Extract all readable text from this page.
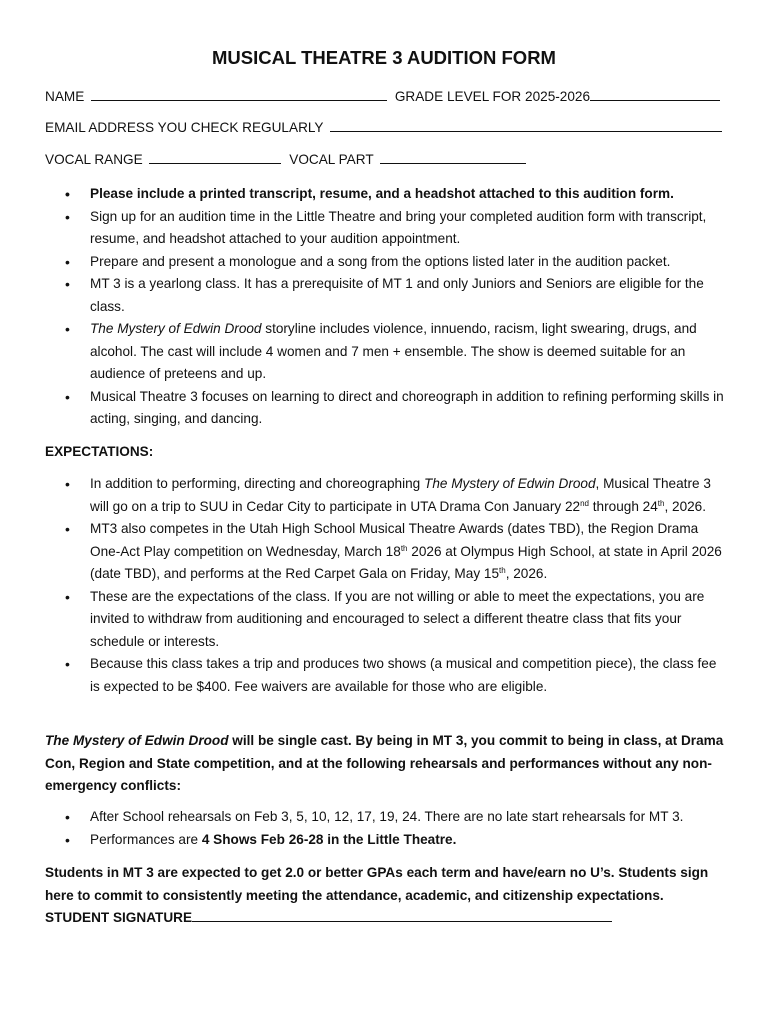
MUSICAL THEATRE 3 AUDITION FORM
NAME	GRADE LEVEL FOR 2025-2026
EMAIL ADDRESS YOU CHECK REGULARLY
VOCAL RANGE	VOCAL PART
• Please include a printed transcript, resume, and a headshot attached to this audition form.
• Sign up for an audition time in the Little Theatre and bring your completed audition form with transcript, resume, and headshot attached to your audition appointment.
• Prepare and present a monologue and a song from the options listed later in the audition packet.
• MT 3 is a yearlong class. It has a prerequisite of MT 1 and only Juniors and Seniors are eligible for the class.
• The Mystery of Edwin Drood storyline includes violence, innuendo, racism, light swearing, drugs, and alcohol. The cast will include 4 women and 7 men + ensemble. The show is deemed suitable for an audience of preteens and up.
• Musical Theatre 3 focuses on learning to direct and choreograph in addition to refining performing skills in acting, singing, and dancing.
EXPECTATIONS:
• In addition to performing, directing and choreographing The Mystery of Edwin Drood, Musical Theatre 3 will go on a trip to SUU in Cedar City to participate in UTA Drama Con January 22nd through 24th, 2026.
• MT3 also competes in the Utah High School Musical Theatre Awards (dates TBD), the Region Drama One-Act Play competition on Wednesday, March 18th 2026 at Olympus High School, at state in April 2026 (date TBD), and performs at the Red Carpet Gala on Friday, May 15th, 2026.
• These are the expectations of the class. If you are not willing or able to meet the expectations, you are invited to withdraw from auditioning and encouraged to select a different theatre class that fits your schedule or interests.
• Because this class takes a trip and produces two shows (a musical and competition piece), the class fee is expected to be $400. Fee waivers are available for those who are eligible.
The Mystery of Edwin Drood will be single cast. By being in MT 3, you commit to being in class, at Drama Con, Region and State competition, and at the following rehearsals and performances without any non-emergency conflicts:
• After School rehearsals on Feb 3, 5, 10, 12, 17, 19, 24. There are no late start rehearsals for MT 3.
• Performances are 4 Shows Feb 26-28 in the Little Theatre.
Students in MT 3 are expected to get 2.0 or better GPAs each term and have/earn no U’s. Students sign here to commit to consistently meeting the attendance, academic, and citizenship expectations. STUDENT SIGNATURE
